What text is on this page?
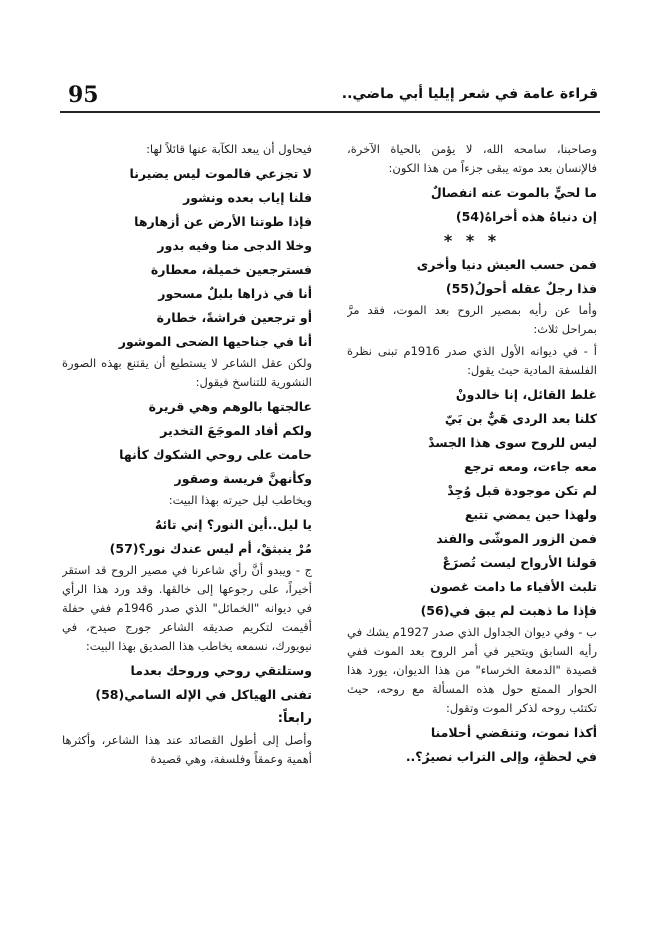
95	قراءة عامة في شعر إيليا أبي ماضي..
وصاحبنا، سامحه الله، لا يؤمن بالحياة الآخرة، فالإنسان بعد موته يبقى جزءاً من هذا الكون:
ما لحيٍّ بالموت عنه انفصالٌ
إن دنياهُ هذه أخراهُ(54)
* * *
فمن حسب العيش دنيا وأخرى
فذا رجلٌ عقله أحولُ(55)
وأما عن رأيه بمصير الروح بعد الموت، فقد مرَّ بمراحل ثلاث:
أ - في ديوانه الأول الذي صدر 1916م تبنى نظرة الفلسفة المادية حيث يقول:
غلط القائل، إنا خالدونْ
كلنا بعد الردى هَيٌّ بن بَيّ
ليس للروح سوى هذا الجسدْ
معه جاءت، ومعه ترجع
لم تكن موجودة قبل وُجِدْ
ولهذا حين يمضي تتبع
فمن الزور الموشّى والفند
قولنا الأرواح ليست تُصرَعْ
تلبث الأفياء ما دامت غصون
فإذا ما ذهبت لم يبق في(56)
ب - وفي ديوان الجداول الذي صدر 1927م يشك في رأيه السابق ويتحير في أمر الروح بعد الموت ففي قصيدة "الدمعة الخرساء" من هذا الديوان، يورد هذا الحوار الممتع حول هذه المسألة مع روحه، حيث تكتئب روحه لذكر الموت وتقول:
أكذا نموت، وتنقضي أحلامنا
في لحظةٍ، وإلى التراب نصيرُ؟..
فيحاول أن يبعد الكآبة عنها قائلاً لها:
لا تجزعي فالموت ليس يضيرنا
فلنا إياب بعده ونشور
فإذا طوتنا الأرض عن أزهارها
وخلا الدجى منا وفيه بدور
فسترجعين خميلة، معطارة
أنا في ذراها بلبلٌ مسحور
أو ترجعين فراشةً، خطارة
أنا في جناحيها الضحى الموشور
ولكن عقل الشاعر لا يستطيع أن يقتنع بهذه الصورة النشورية للتناسخ فيقول:
عالجتها بالوهم وهي قريرة
ولكم أفاد الموجَعَ التخدير
حامت على روحي الشكوك كأنها
وكأنهنَّ فريسة وصقور
ويخاطب ليل حيرته بهذا البيت:
يا ليل..أين النور؟ إني تائهٌ
مُرْ ينبثقْ، أم ليس عندك نور؟(57)
ج - ويبدو أنَّ رأي شاعرنا في مصير الروح قد استقر أخيراً، على رجوعها إلى خالقها. وقد ورد هذا الرأي في ديوانه "الخمائل" الذي صدر 1946م ففي حفلة أقيمت لتكريم صديقه الشاعر جورج صيدح، في نيويورك، نسمعه يخاطب هذا الصديق بهذا البيت:
وستلتقي روحي وروحك بعدما
تفنى الهياكل في الإله السامي(58)
رابعاً:
وأصل إلى أطول القصائد عند هذا الشاعر، وأكثرها أهمية وعمقاً وفلسفة، وهي قصيدة
